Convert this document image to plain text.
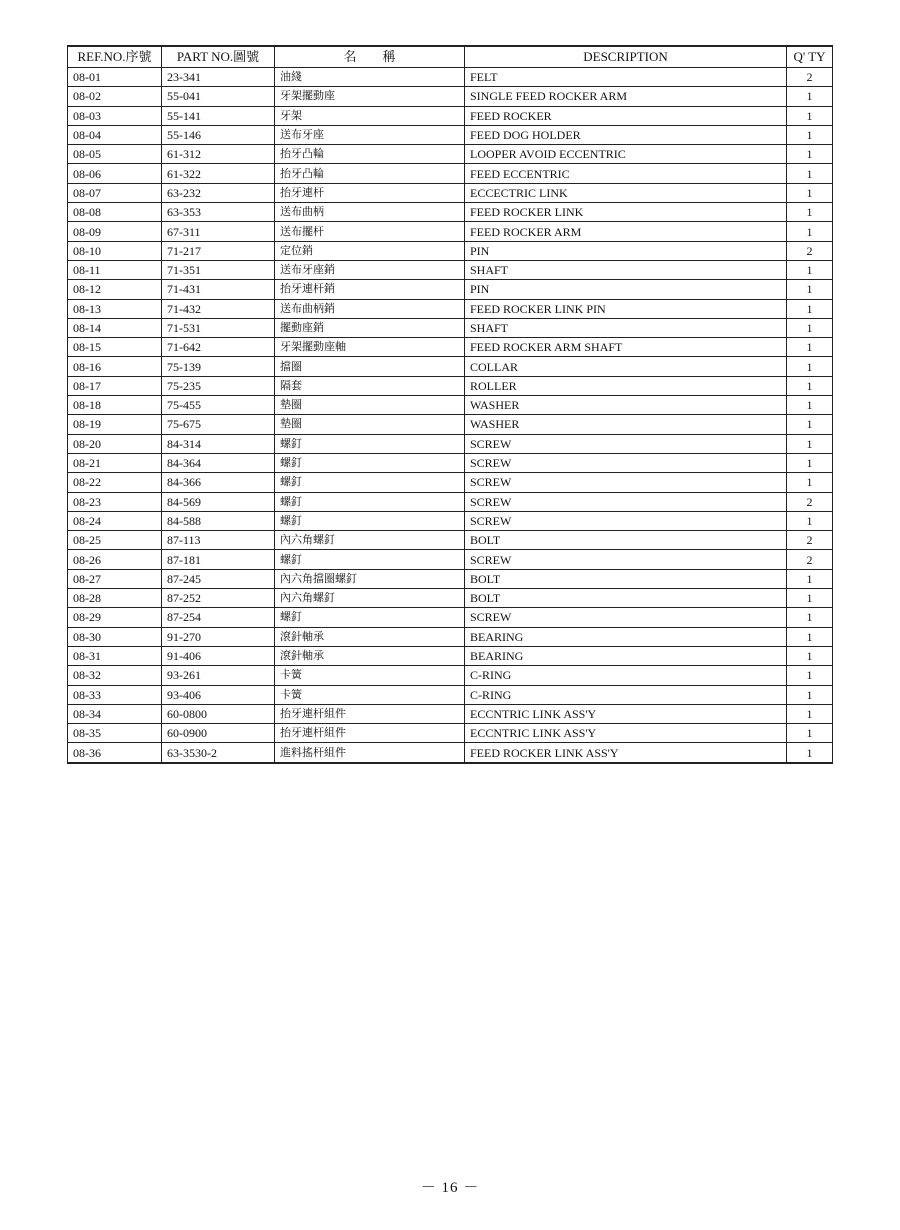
REF.NO.序號	PART NO.圖號	名　　稱	DESCRIPTION	Q' TY
08-01	23-341	油綫	FELT	2
08-02	55-041	牙架擺動座	SINGLE FEED ROCKER ARM	1
08-03	55-141	牙架	FEED ROCKER	1
08-04	55-146	送布牙座	FEED DOG HOLDER	1
08-05	61-312	抬牙凸輪	LOOPER AVOID ECCENTRIC	1
08-06	61-322	抬牙凸輪	FEED ECCENTRIC	1
08-07	63-232	抬牙連杆	ECCECTRIC LINK	1
08-08	63-353	送布曲柄	FEED ROCKER LINK	1
08-09	67-311	送布擺杆	FEED ROCKER ARM	1
08-10	71-217	定位銷	PIN	2
08-11	71-351	送布牙座銷	SHAFT	1
08-12	71-431	抬牙連杆銷	PIN	1
08-13	71-432	送布曲柄銷	FEED ROCKER LINK PIN	1
08-14	71-531	擺動座銷	SHAFT	1
08-15	71-642	牙架擺動座軸	FEED ROCKER ARM SHAFT	1
08-16	75-139	擋圈	COLLAR	1
08-17	75-235	隔套	ROLLER	1
08-18	75-455	墊圈	WASHER	1
08-19	75-675	墊圈	WASHER	1
08-20	84-314	螺釘	SCREW	1
08-21	84-364	螺釘	SCREW	1
08-22	84-366	螺釘	SCREW	1
08-23	84-569	螺釘	SCREW	2
08-24	84-588	螺釘	SCREW	1
08-25	87-113	內六角螺釘	BOLT	2
08-26	87-181	螺釘	SCREW	2
08-27	87-245	內六角擋圈螺釘	BOLT	1
08-28	87-252	內六角螺釘	BOLT	1
08-29	87-254	螺釘	SCREW	1
08-30	91-270	滾針軸承	BEARING	1
08-31	91-406	滾針軸承	BEARING	1
08-32	93-261	卡簧	C-RING	1
08-33	93-406	卡簧	C-RING	1
08-34	60-0800	抬牙連杆組件	ECCNTRIC LINK ASS'Y	1
08-35	60-0900	抬牙連杆組件	ECCNTRIC LINK ASS'Y	1
08-36	63-3530-2	進料搖杆組件	FEED ROCKER LINK ASS'Y	1
－ 16 －
